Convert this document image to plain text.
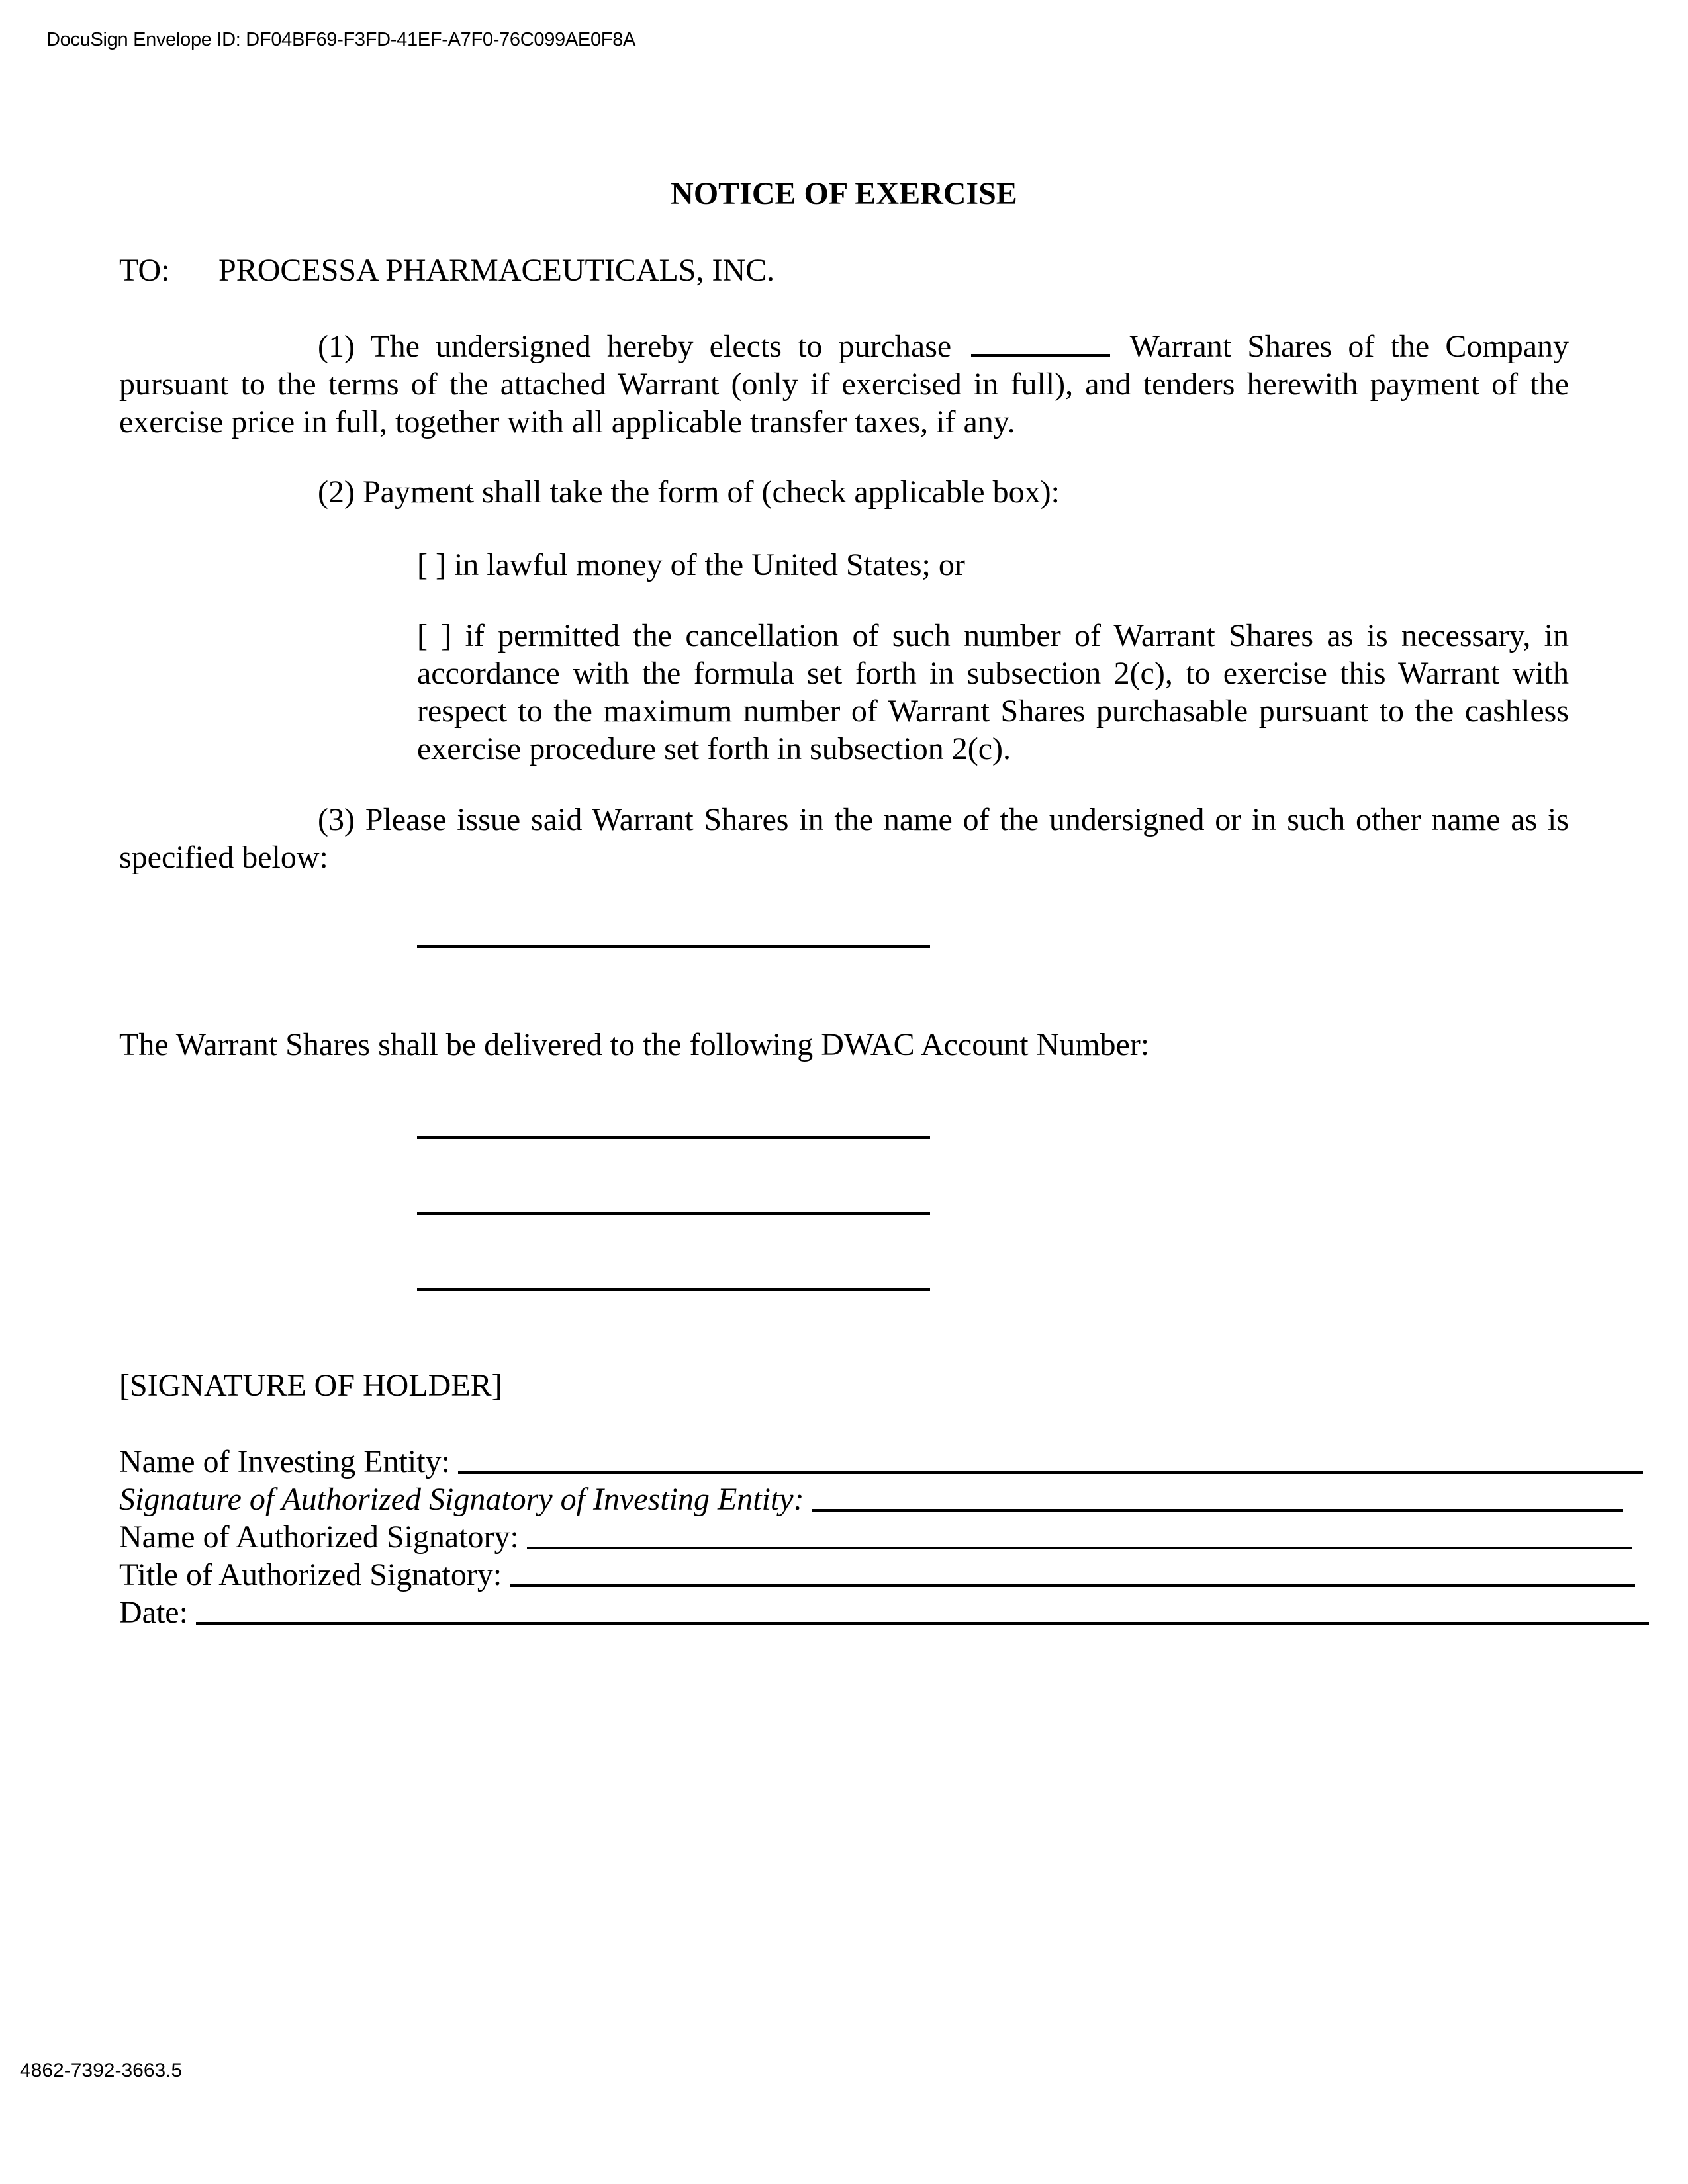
DocuSign Envelope ID: DF04BF69-F3FD-41EF-A7F0-76C099AE0F8A
NOTICE OF EXERCISE
TO: PROCESSA PHARMACEUTICALS, INC.
(1) The undersigned hereby elects to purchase	Warrant Shares of the Company pursuant to the terms of the attached Warrant (only if exercised in full), and tenders herewith payment of the exercise price in full, together with all applicable transfer taxes, if any.
(2) Payment shall take the form of (check applicable box):
[ ] in lawful money of the United States; or
[ ] if permitted the cancellation of such number of Warrant Shares as is necessary, in accordance with the formula set forth in subsection 2(c), to exercise this Warrant with respect to the maximum number of Warrant Shares purchasable pursuant to the cashless exercise procedure set forth in subsection 2(c).
(3) Please issue said Warrant Shares in the name of the undersigned or in such other name as is specified below:
The Warrant Shares shall be delivered to the following DWAC Account Number:
[SIGNATURE OF HOLDER]
Name of Investing Entity:
Signature of Authorized Signatory of Investing Entity:
Name of Authorized Signatory:
Title of Authorized Signatory:
Date:
4862-7392-3663.5
